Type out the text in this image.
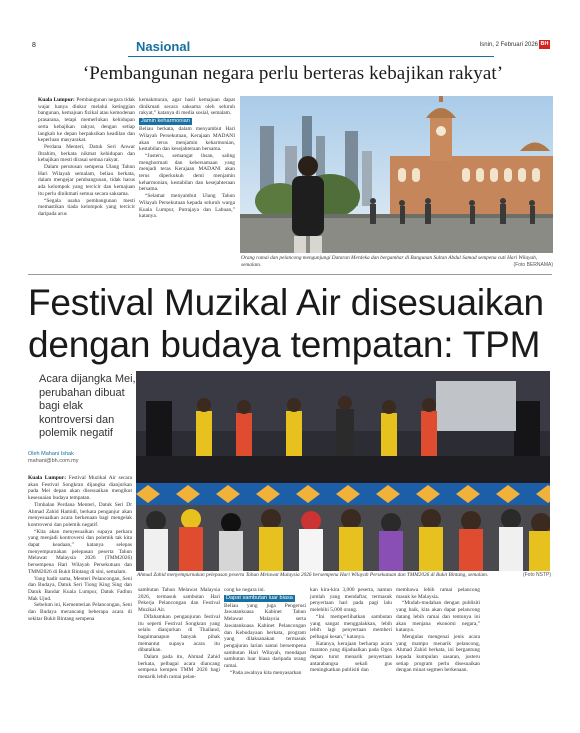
8	Nasional	Isnin, 2 Februari 2026 BH
‘Pembangunan negara perlu berteras kebajikan rakyat’

Kuala Lumpur: Pembangunan negara tidak wajar hanya diukur melalui ketinggian bangunan, kemajuan fizikal atau kemodenan prasarana, tetapi memerlukan kehidupan serta kebajikan rakyat, dengan setiap langkah ke depan berpaksikan keadilan dan keperluan masyarakat.

Perdana Menteri, Datuk Seri Anwar Ibrahim, berkata nikmat kehidupan dan kebajikan mesti dirasai semua rakyat.

Dalam perutusan sempena Ulang Tahun Hari Wilayah semalam, beliau berkata, dalam mengejar pembangunan, tidak harus ada kelompok yang tercicir dan kemajuan itu perlu dinikmati semua secara saksama.

“Segala usaha pembangunan mesti memastikan tiada kelompok yang tercicir daripada arus

kemakmuran, agar hasil kemajuan dapat dinikmati secara saksama oleh seluruh rakyat,” katanya di media sosial, semalam.

Jamin keharmonian

Beliau berkata, dalam menyambut Hari Wilayah Persekutuan, Kerajaan MADANI akan terus menjamin keharmonian, kestabilan dan kesejahteraan bersama.

“Justeru, semangat ihsan, saling menghormati dan kebersamaan yang menjadi teras Kerajaan MADANI akan terus diperkukuh demi menjamin keharmonian, kestabilan dan kesejahteraan bersama.

“Selamat menyambut Ulang Tahun Wilayah Persekutuan kepada seluruh warga Kuala Lumpur, Putrajaya dan Labuan,” katanya.

Orang ramai dan pelancong mengunjungi Dataran Merdeka dan bergambar di Bangunan Sultan Abdul Samad sempena cuti Hari Wilayah, semalam.	(Foto BERNAMA)
Festival Muzikal Air disesuaikan dengan budaya tempatan: TPM
Acara dijangka Mei, perubahan dibuat bagi elak kontroversi dan polemik negatif
Oleh Mahani Ishak
mahani@bh.com.my
Ahmad Zahid menyempurnakan pelepasan peserta Tahun Melawat Malaysia 2026 bersempena Hari Wilayah Persekutuan dan TMM2026 di Bukit Bintang, semalam.	(Foto NSTP)

Kuala Lumpur: Festival Muzikal Air secara akan Festival Songkran dijangka dianjurkan pada Mei depan akan disesuaikan mengikut kesesuaian budaya tempatan.

Timbalan Perdana Menteri, Datuk Seri Dr Ahmad Zahid Hamidi, berkata penganjur akan menyesuaikan acara berkenaan bagi mengelak kontroversi dan polemik negatif.

“Kita akan menyesuaikan supaya perkara yang menjadi kontroversi dan polemik tak kita dapat keadaan,” katanya selepas menyempurnakan pelepasan peserta Tahun Melawat Malaysia 2026 (TMM2026) bersempena Hari Wilayah Persekutuan dan TMM2026 di Bukit Bintang di sini, semalam.

Yang hadir sama, Menteri Pelancongan, Seni dan Budaya, Datuk Seri Tiong King Sing dan Datuk Bandar Kuala Lumpur, Datuk Fadlun Mak Ujud.

Sebelum ini, Kementerian Pelancongan, Seni dan Budaya merancang beberapa acara di sekitar Bukit Bintang sempena

sambutan Tahun Melawat Malaysia 2026, termasuk sambutan Hari Pekerja Pelancongan dan Festival Muzikal Air.

Difahamkan penganjuran festival itu seperti Festival Songkran yang selalu dianjurkan di Thailand, bagaimanapun banyak pihak memantut supaya acara itu dibatalkan.

Dalam pada itu, Ahmad Zahid berkata, pelbagai acara diancang sempena kempen TMM 2026 bagi menarik lebih ramai pelan-

cong ke negara ini.

Dapat sambutan luar biasa

Beliau yang juga Pengerusi Jawatankuasa Kabinet Tahun Melawat Malaysia serta Jawatankuasa Kabinet Pelancongan dan Kebudayaan berkata, program yang dilaksanakan termasuk pengajuran larian santai bersempena sambutan Hari Wilayah, mendapat sambutan luar biasa daripada orang ramai.

“Pada awalnya kita menyasarkan

kan kira-kira 3,000 peserta, namun jumlah yang mendaftar, termasuk penyertaan hari pada pagi lalu melebihi 5,000 orang.

“Ini memperlihatkan sambutan yang sangat menggalakkan, lebih lebih lagi penyertaan memberi pelbagai kesan,” katanya.

Katanya, kerajaan berharap acara maraton yang dijadualkan pada Ogos depan turut menarik penyertaan antarabangsa sekali gus meningkatkan publisiti dan

membawa lebih ramai pelancong masuk ke Malaysia.

“Mudah-mudahan dengan publisiti yang baik, kita akan dapat pelancong datang lebih ramai dan tentunya ini akan menjana ekonomi negara,” katanya.

Mengulas mengenai jenis acara yang mampu menarik pelancong, Ahmad Zahid berkata, ini bergantung kepada kumpulan sasaran, justeru setiap program perlu disesuaikan dengan minat segmen berkenaan.
